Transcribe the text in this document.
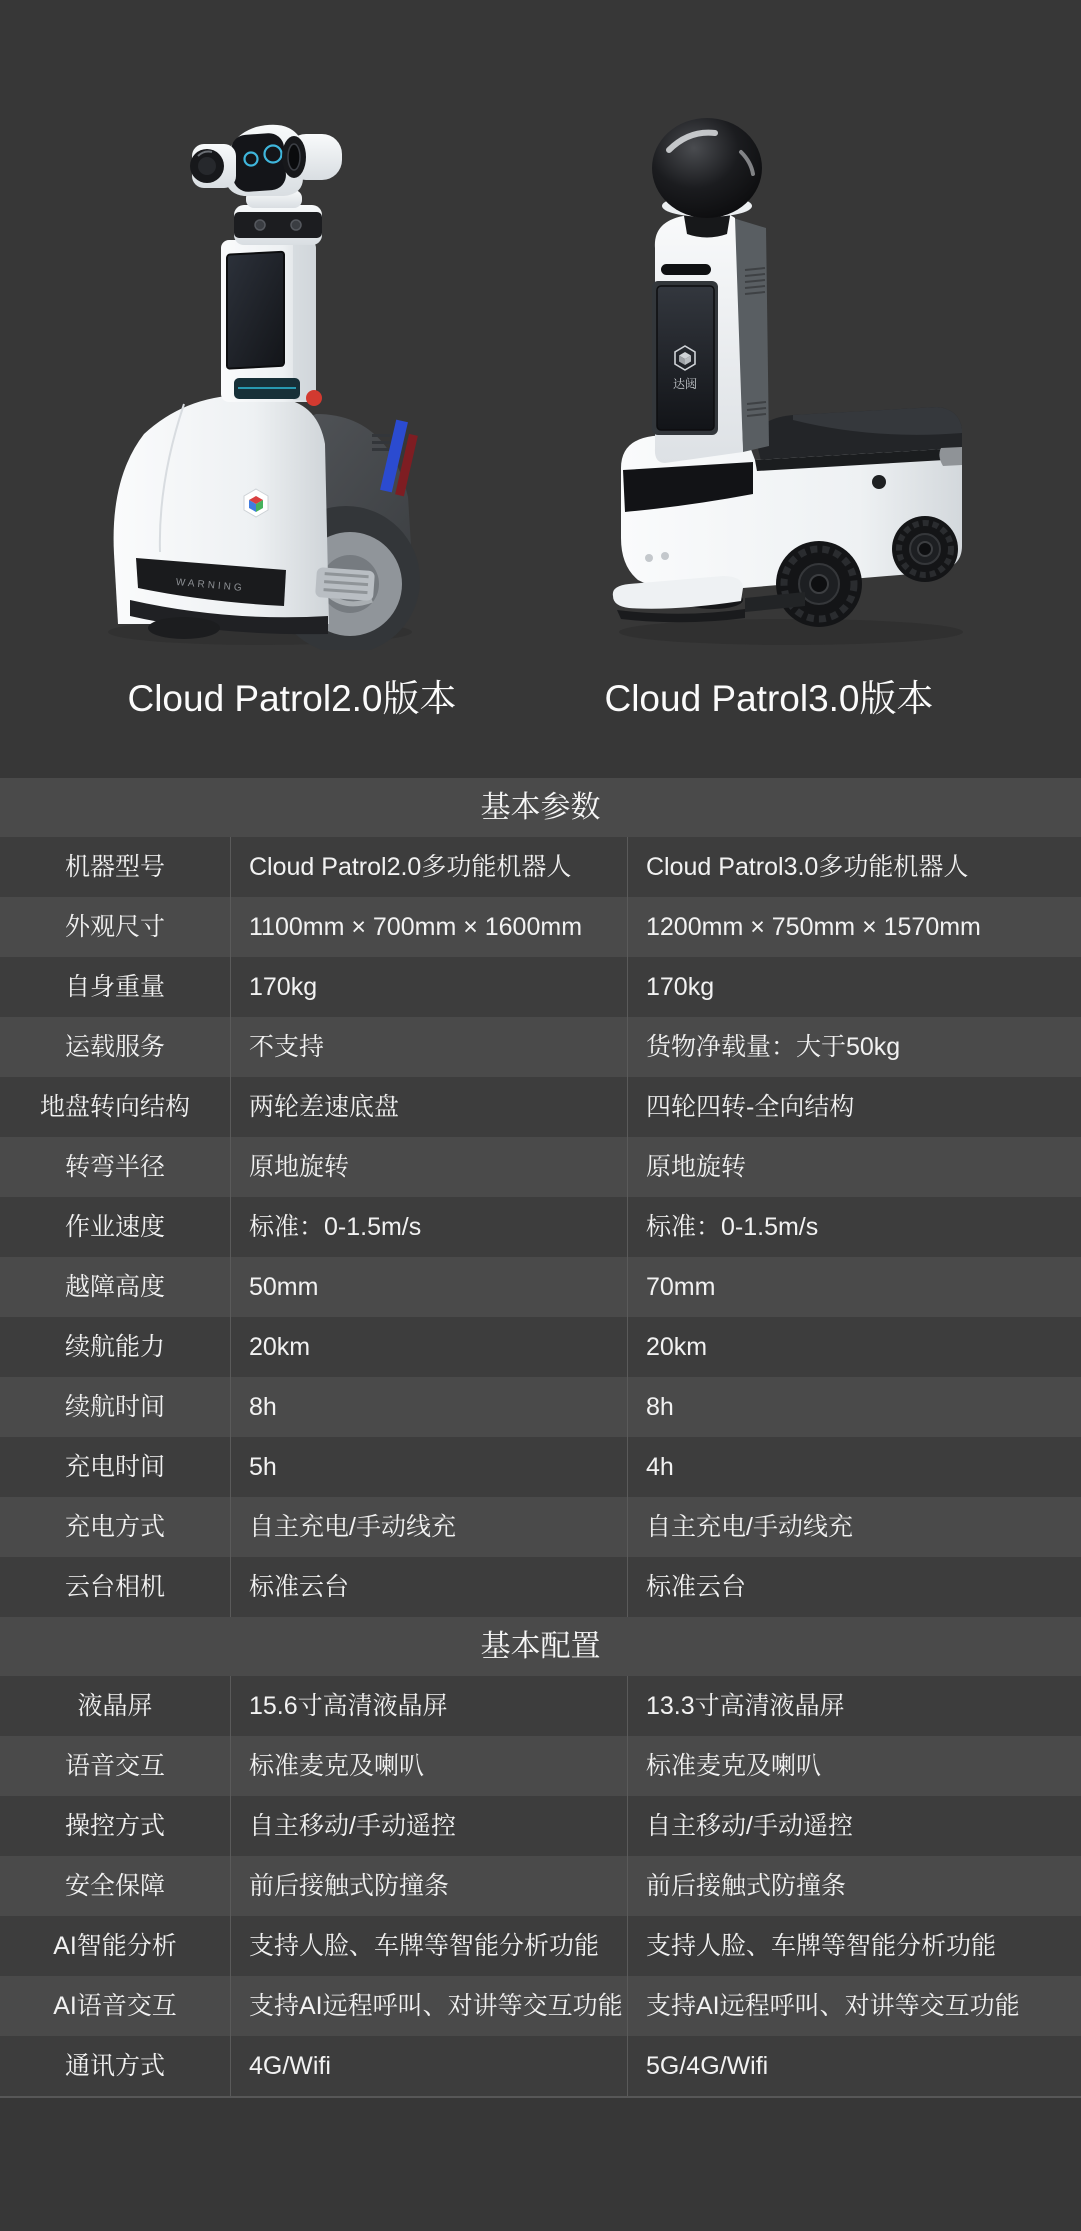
WARNING
达闼
Cloud Patrol2.0版本	Cloud Patrol3.0版本
基本参数
机器型号	Cloud Patrol2.0多功能机器人	Cloud Patrol3.0多功能机器人
外观尺寸	1100mm × 700mm × 1600mm	1200mm × 750mm × 1570mm
自身重量	170kg	170kg
运载服务	不支持	货物净载量：大于50kg
地盘转向结构	两轮差速底盘	四轮四转-全向结构
转弯半径	原地旋转	原地旋转
作业速度	标准：0-1.5m/s	标准：0-1.5m/s
越障高度	50mm	70mm
续航能力	20km	20km
续航时间	8h	8h
充电时间	5h	4h
充电方式	自主充电/手动线充	自主充电/手动线充
云台相机	标准云台	标准云台
基本配置
液晶屏	15.6寸高清液晶屏	13.3寸高清液晶屏
语音交互	标准麦克及喇叭	标准麦克及喇叭
操控方式	自主移动/手动遥控	自主移动/手动遥控
安全保障	前后接触式防撞条	前后接触式防撞条
AI智能分析	支持人脸、车牌等智能分析功能	支持人脸、车牌等智能分析功能
AI语音交互	支持AI远程呼叫、对讲等交互功能 支持AI远程呼叫、对讲等交互功能
通讯方式	4G/Wifi	5G/4G/Wifi
